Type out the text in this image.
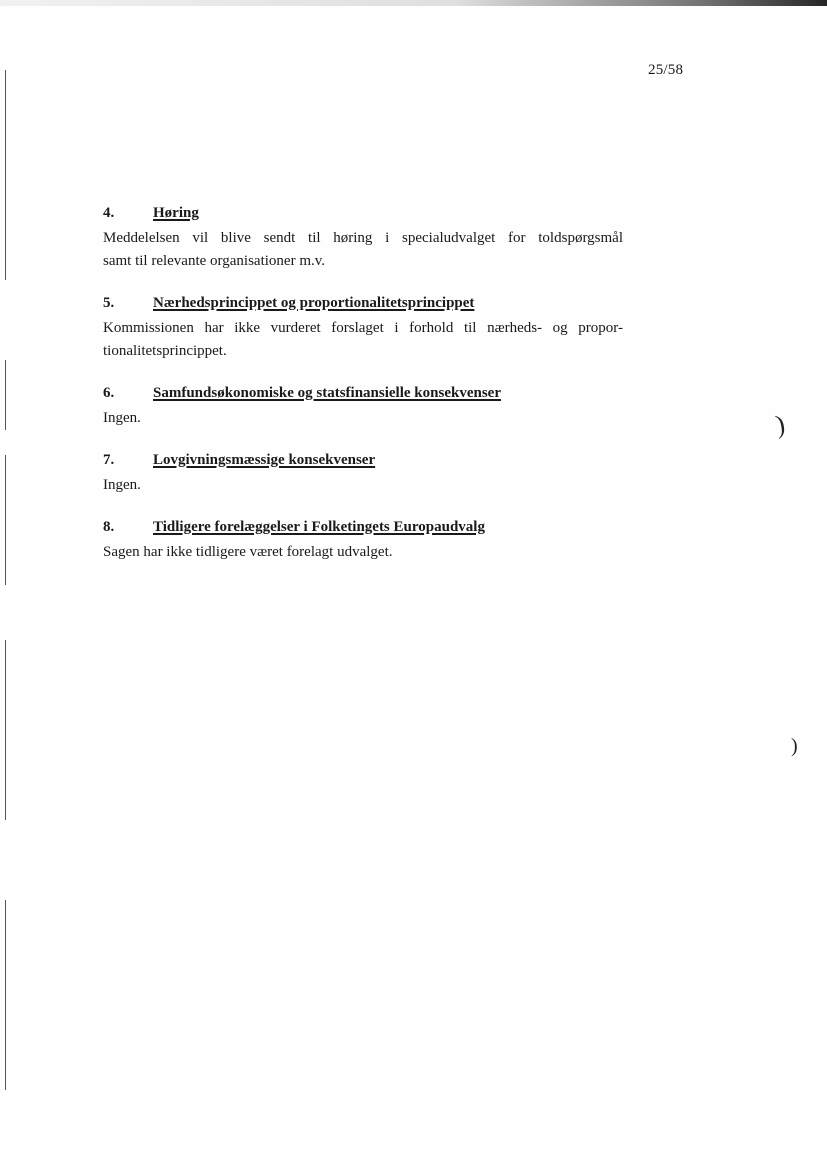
)
)
25/58
4.	Høring
Meddelelsen vil blive sendt til høring i specialudvalget for toldspørgsmål
samt til relevante organisationer m.v.
5.	Nærhedsprincippet og proportionalitetsprincippet
Kommissionen har ikke vurderet forslaget i forhold til nærheds- og propor-
tionalitetsprincippet.
6.	Samfundsøkonomiske og statsfinansielle konsekvenser
Ingen.
7.	Lovgivningsmæssige konsekvenser
Ingen.
8.	Tidligere forelæggelser i Folketingets Europaudvalg
Sagen har ikke tidligere været forelagt udvalget.
